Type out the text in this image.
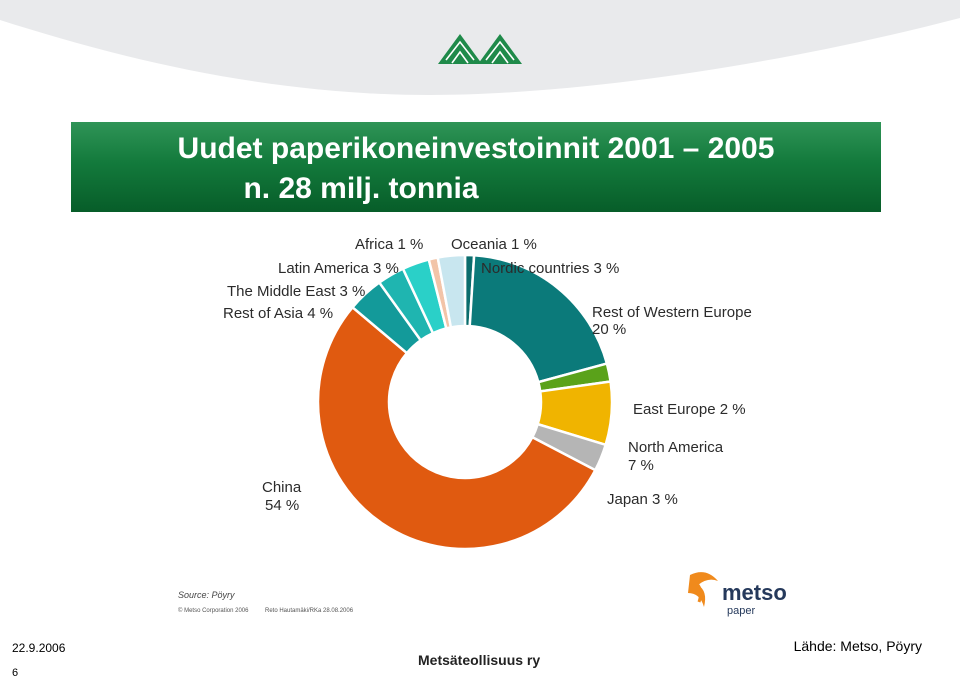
Uudet paperikoneinvestoinnit 2001 – 2005
n. 28 milj. tonnia
Africa 1 % Oceania 1 %
Latin America 3 %	Nordic countries 3 %
The Middle East 3 %
Rest of Asia 4 %	Rest of Western Europe
20 %
East Europe 2 %
North America
7 %
Japan 3 %
China
54 %
Source: Pöyry
© Metso Corporation 2006	Reto Hautamäki/RKa 28.08.2006
metso
paper
22.9.2006
6
Lähde: Metso, Pöyry
Metsäteollisuus ry
